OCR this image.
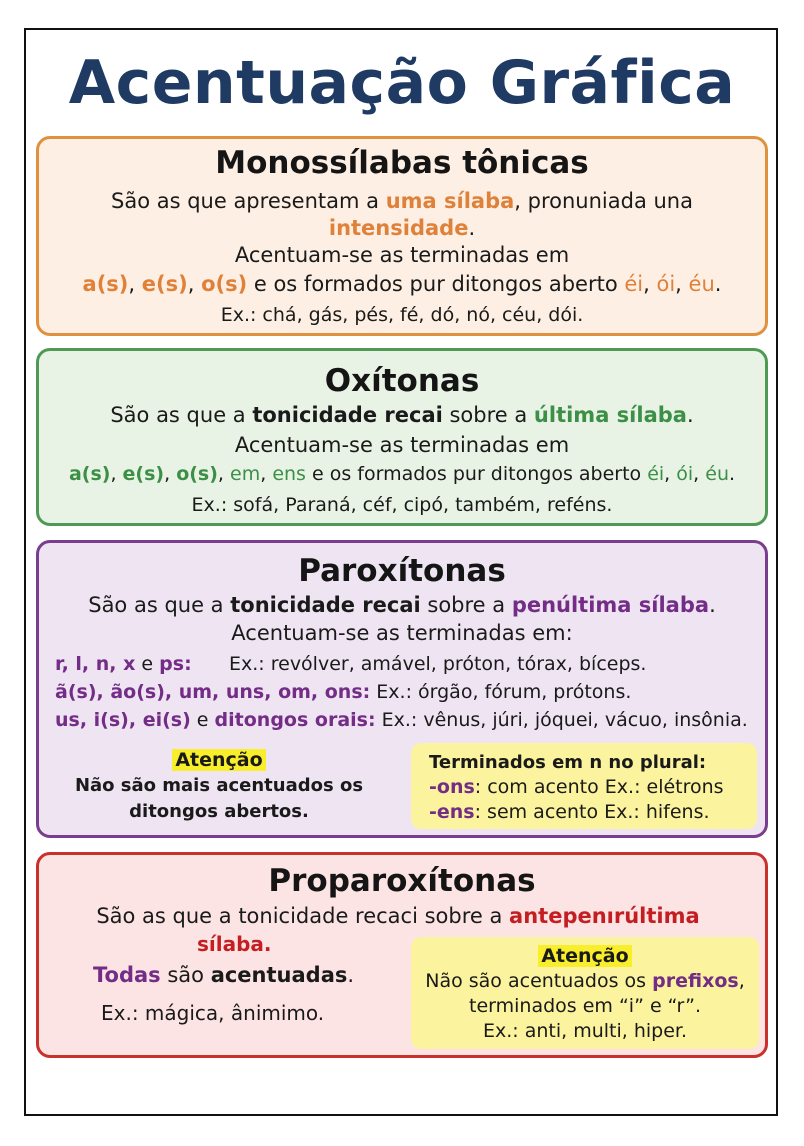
Acentuação Gráfica
Monossílabas tônicas
São as que apresentam a uma sílaba, pronuniada una
intensidade.
Acentuam-se as terminadas em
a(s), e(s), o(s) e os formados pur ditongos aberto éi, ói, éu.
Ex.: chá, gás, pés, fé, dó, nó, céu, dói.
Oxítonas
São as que a tonicidade recai sobre a última sílaba.
Acentuam-se as terminadas em
a(s), e(s), o(s), em, ens e os formados pur ditongos aberto éi, ói, éu.
Ex.: sofá, Paraná, céf, cipó, também, reféns.
Paroxítonas
São as que a tonicidade recai sobre a penúltima sílaba.
Acentuam-se as terminadas em:
r, l, n, x e ps: Ex.: revólver, amável, próton, tórax, bíceps.
ã(s), ão(s), um, uns, om, ons: Ex.: órgão, fórum, prótons.
us, i(s), ei(s) e ditongos orais: Ex.: vênus, júri, jóquei, vácuo, insônia.
Atenção
Não são mais acentuados os
ditongos abertos.
Terminados em n no plural:
-ons: com acento Ex.: elétrons
-ens: sem acento Ex.: hifens.
Proparoxítonas
São as que a tonicidade recaci sobre a antepenırúltima
sílaba.
Todas são acentuadas.
Ex.: mágica, ânimimo.
Atenção
Não são acentuados os prefixos,
terminados em “i” e “r”.
Ex.: anti, multi, hiper.
